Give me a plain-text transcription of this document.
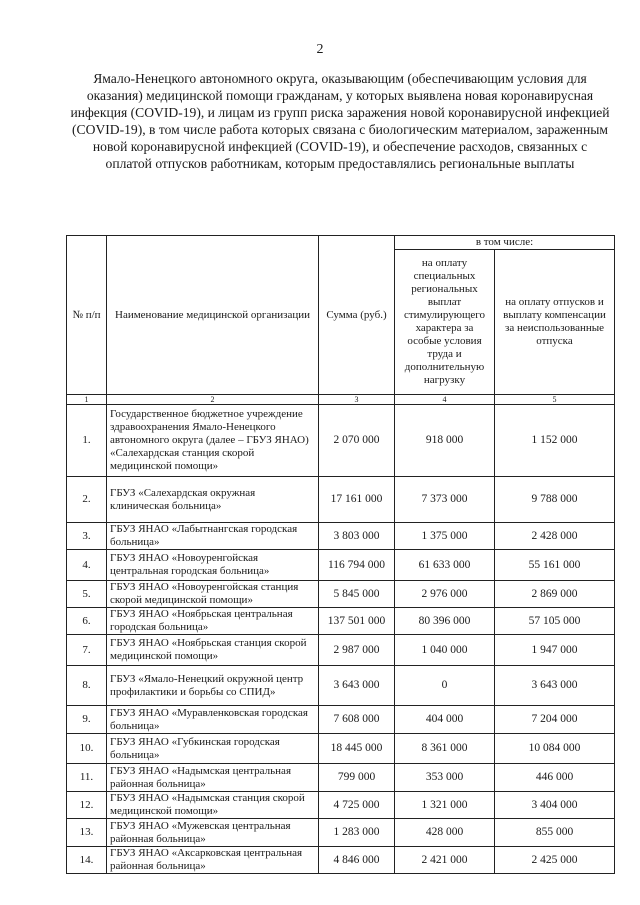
2
Ямало-Ненецкого автономного округа, оказывающим (обеспечивающим условия для оказания) медицинской помощи гражданам, у которых выявлена новая коронавирусная инфекция (COVID-19), и лицам из групп риска заражения новой коронавирусной инфекцией (COVID-19), в том числе работа которых связана с биологическим материалом, зараженным новой коронавирусной инфекцией (COVID-19), и обеспечение расходов, связанных с оплатой отпусков работникам, которым предоставлялись региональные выплаты
№ п/п	Наименование медицинской организации	Сумма (руб.)	в том числе:	
			на оплату специальных региональных выплат стимулирующего характера за особые условия труда и дополнительную нагрузку	на оплату отпусков и выплату компенсации за неиспользованные отпуска
1	2	3	4	5
1.	Государственное бюджетное учреждение здравоохранения Ямало-Ненецкого автономного округа (далее – ГБУЗ ЯНАО) «Салехардская станция скорой медицинской помощи»	2 070 000	918 000	1 152 000
2.	ГБУЗ «Салехардская окружная клиническая больница»	17 161 000	7 373 000	9 788 000
3.	ГБУЗ ЯНАО «Лабытнангская городская больница»	3 803 000	1 375 000	2 428 000
4.	ГБУЗ ЯНАО «Новоуренгойская центральная городская больница»	116 794 000	61 633 000	55 161 000
5.	ГБУЗ ЯНАО «Новоуренгойская станция скорой медицинской помощи»	5 845 000	2 976 000	2 869 000
6.	ГБУЗ ЯНАО «Ноябрьская центральная городская больница»	137 501 000	80 396 000	57 105 000
7.	ГБУЗ ЯНАО «Ноябрьская станция скорой медицинской помощи»	2 987 000	1 040 000	1 947 000
8.	ГБУЗ «Ямало-Ненецкий окружной центр профилактики и борьбы со СПИД»	3 643 000	0	3 643 000
9.	ГБУЗ ЯНАО «Муравленковская городская больница»	7 608 000	404 000	7 204 000
10.	ГБУЗ ЯНАО «Губкинская городская больница»	18 445 000	8 361 000	10 084 000
11.	ГБУЗ ЯНАО «Надымская центральная районная больница»	799 000	353 000	446 000
12.	ГБУЗ ЯНАО «Надымская станция скорой медицинской помощи»	4 725 000	1 321 000	3 404 000
13.	ГБУЗ ЯНАО «Мужевская центральная районная больница»	1 283 000	428 000	855 000
14.	ГБУЗ ЯНАО «Аксарковская центральная районная больница»	4 846 000	2 421 000	2 425 000
